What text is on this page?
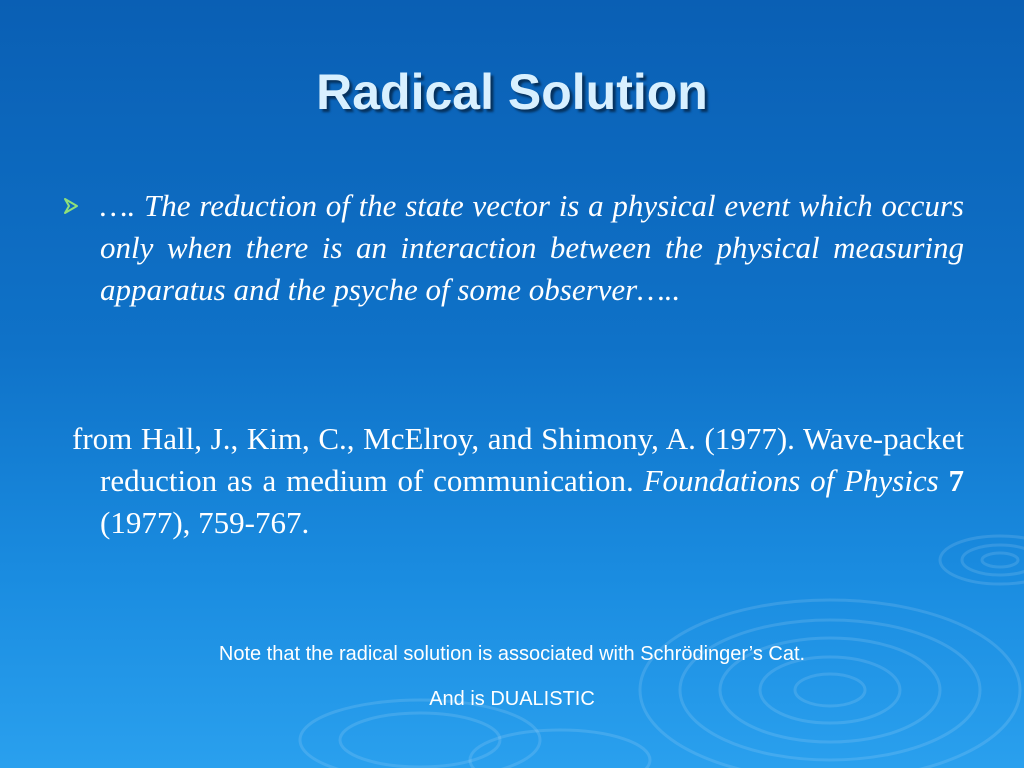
Radical Solution
…. The reduction of the state vector is a physical event which occurs only when there is an interaction between the physical measuring apparatus and the psyche of some observer…..
from Hall, J., Kim, C., McElroy, and Shimony, A. (1977). Wave-packet reduction as a medium of communication. Foundations of Physics 7 (1977), 759-767.
Note that the radical solution is associated with Schrödinger’s Cat.
And is DUALISTIC
